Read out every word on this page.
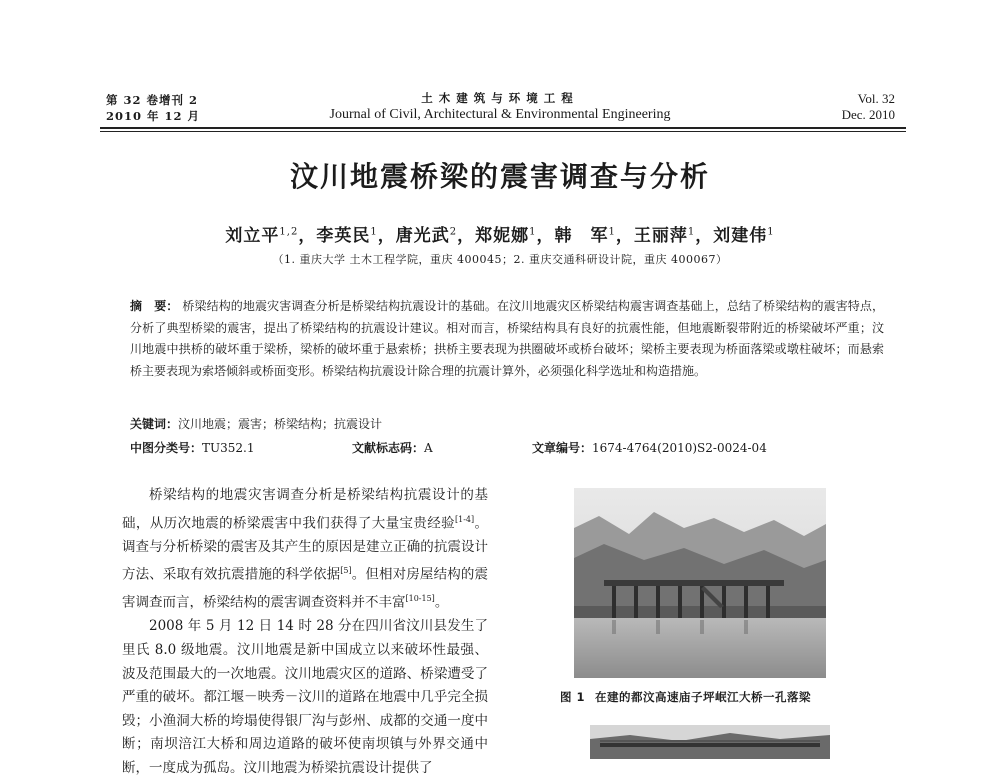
第 32 卷增刊 2
2010 年 12 月
土木建筑与环境工程
Journal of Civil, Architectural & Environmental Engineering
Vol. 32
Dec. 2010
汶川地震桥梁的震害调查与分析
刘立平$^{1,2}$，李英民$^1$，唐光武$^2$，郑妮娜$^1$，韩　军$^1$，王丽萍$^1$，刘建伟$^1$
（1. 重庆大学 土木工程学院，重庆 400045；2. 重庆交通科研设计院，重庆 400067）
摘　要： 桥梁结构的地震灾害调查分析是桥梁结构抗震设计的基础。在汶川地震灾区桥梁结构震害调查基础上，总结了桥梁结构的震害特点，分析了典型桥梁的震害，提出了桥梁结构的抗震设计建议。相对而言，桥梁结构具有良好的抗震性能，但地震断裂带附近的桥梁破坏严重；汶川地震中拱桥的破坏重于梁桥，梁桥的破坏重于悬索桥；拱桥主要表现为拱圈破坏或桥台破坏；梁桥主要表现为桥面落梁或墩柱破坏；而悬索桥主要表现为索塔倾斜或桥面变形。桥梁结构抗震设计除合理的抗震计算外，必须强化科学选址和构造措施。
关键词：汶川地震；震害；桥梁结构；抗震设计
中图分类号：TU352.1	文献标志码：A	文章编号：1674-4764(2010)S2-0024-04

桥梁结构的地震灾害调查分析是桥梁结构抗震设计的基础，从历次地震的桥梁震害中我们获得了大量宝贵经验[1-4]。调查与分析桥梁的震害及其产生的原因是建立正确的抗震设计方法、采取有效抗震措施的科学依据[5]。但相对房屋结构的震害调查而言，桥梁结构的震害调查资料并不丰富[10-15]。

2008 年 5 月 12 日 14 时 28 分在四川省汶川县发生了里氏 8.0 级地震。汶川地震是新中国成立以来破坏性最强、波及范围最大的一次地震。汶川地震灾区的道路、桥梁遭受了严重的破坏。都江堰－映秀－汶川的道路在地震中几乎完全损毁；小渔洞大桥的垮塌使得银厂沟与彭州、成都的交通一度中断；南坝涪江大桥和周边道路的破坏使南坝镇与外界交通中断，一度成为孤岛。汶川地震为桥梁抗震设计提供了

图 1 在建的都汶高速庙子坪岷江大桥一孔落梁
